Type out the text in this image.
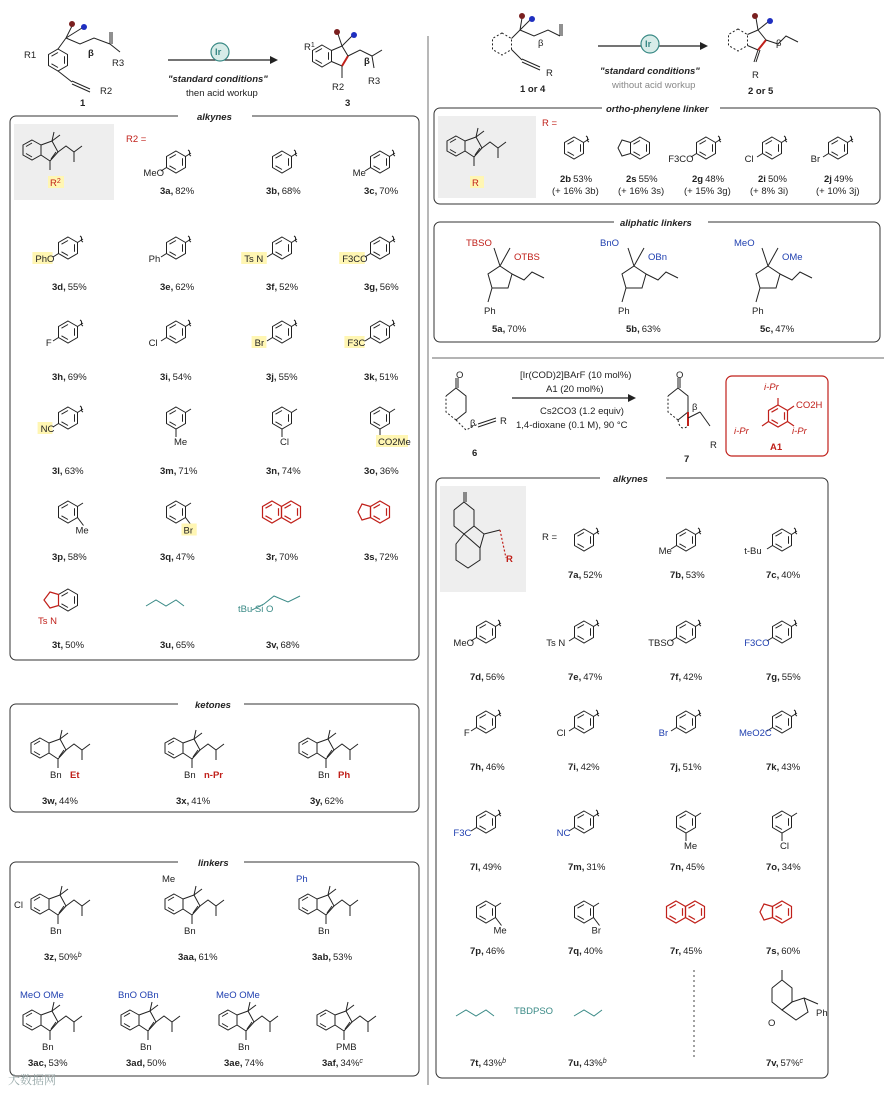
R1	β
R3
R2
1
Ir
"standard conditions"
then acid workup
$R^1$
β
R3
R2
3
alkynes
$R^2$
R2 =
MeO
3a, 82%	3b, 68%
Me
3c, 70%
PhO
3d, 55%
Ph
3e, 62%
Ts N
3f, 52%
F3CO
3g, 56%
F
3h, 69%
Cl
3i, 54%
Br
3j, 55%
F3C
3k, 51%
NC
3l, 63%
Me
3m, 71%
Cl
3n, 74%
CO2Me
3o, 36%
Me
3p, 58%
Br
3q, 47%	3r, 70%	3s, 72%
Ts N
3t, 50%	3u, 65%
tBu Si O
3v, 68%
ketones
Bn Et
3w, 44%
Bn n-Pr
3x, 41%
Bn Ph
3y, 62%
linkers
Bn
Cl
3z, 50%$^b$
Bn
Me
3aa, 61%
Bn
Ph
3ab, 53%
Bn
MeO OMe
3ac, 53%
Bn
BnO OBn
3ad, 50%
Bn
MeO OMe
3ae, 74%
PMB
3af, 34%$^c$
β
R
1 or 4
Ir
"standard conditions"
without acid workup
β
R
2 or 5
ortho-phenylene linker
R
R =
2b 53%
(+ 16% 3b)
2s 55%
(+ 16% 3s)
F3CO
2g 48%
(+ 15% 3g)
Cl
2i 50%
(+ 8% 3i)
Br
2j 49%
(+ 10% 3j)
aliphatic linkers
TBSO
OTBS
Ph
5a, 70%
BnO
OBn
Ph
5b, 63%
MeO
OMe
Ph
5c, 47%
O
β	R
6
[Ir(COD)2]BArF (10 mol%)
A1 (20 mol%)
Cs2CO3 (1.2 equiv)
1,4-dioxane (0.1 M), 90 °C
O
β
R
7
i-Pr
CO2H
i-Pr	i-Pr
A1
alkynes
R
R =
7a, 52%
Me
7b, 53%
t-Bu
7c, 40%
MeO
7d, 56%
Ts N
7e, 47%
TBSO
7f, 42%
F3CO
7g, 55%
F
7h, 46%
Cl
7i, 42%
Br
7j, 51%
MeO2C
7k, 43%
F3C
7l, 49%
NC
7m, 31%
Me
7n, 45%
Cl
7o, 34%
Me
7p, 46%
Br
7q, 40%	7r, 45%	7s, 60%
7t, 43%$^b$
TBDPSO
7u, 43%$^b$
O
Ph
7v, 57%$^c$
大数据网
